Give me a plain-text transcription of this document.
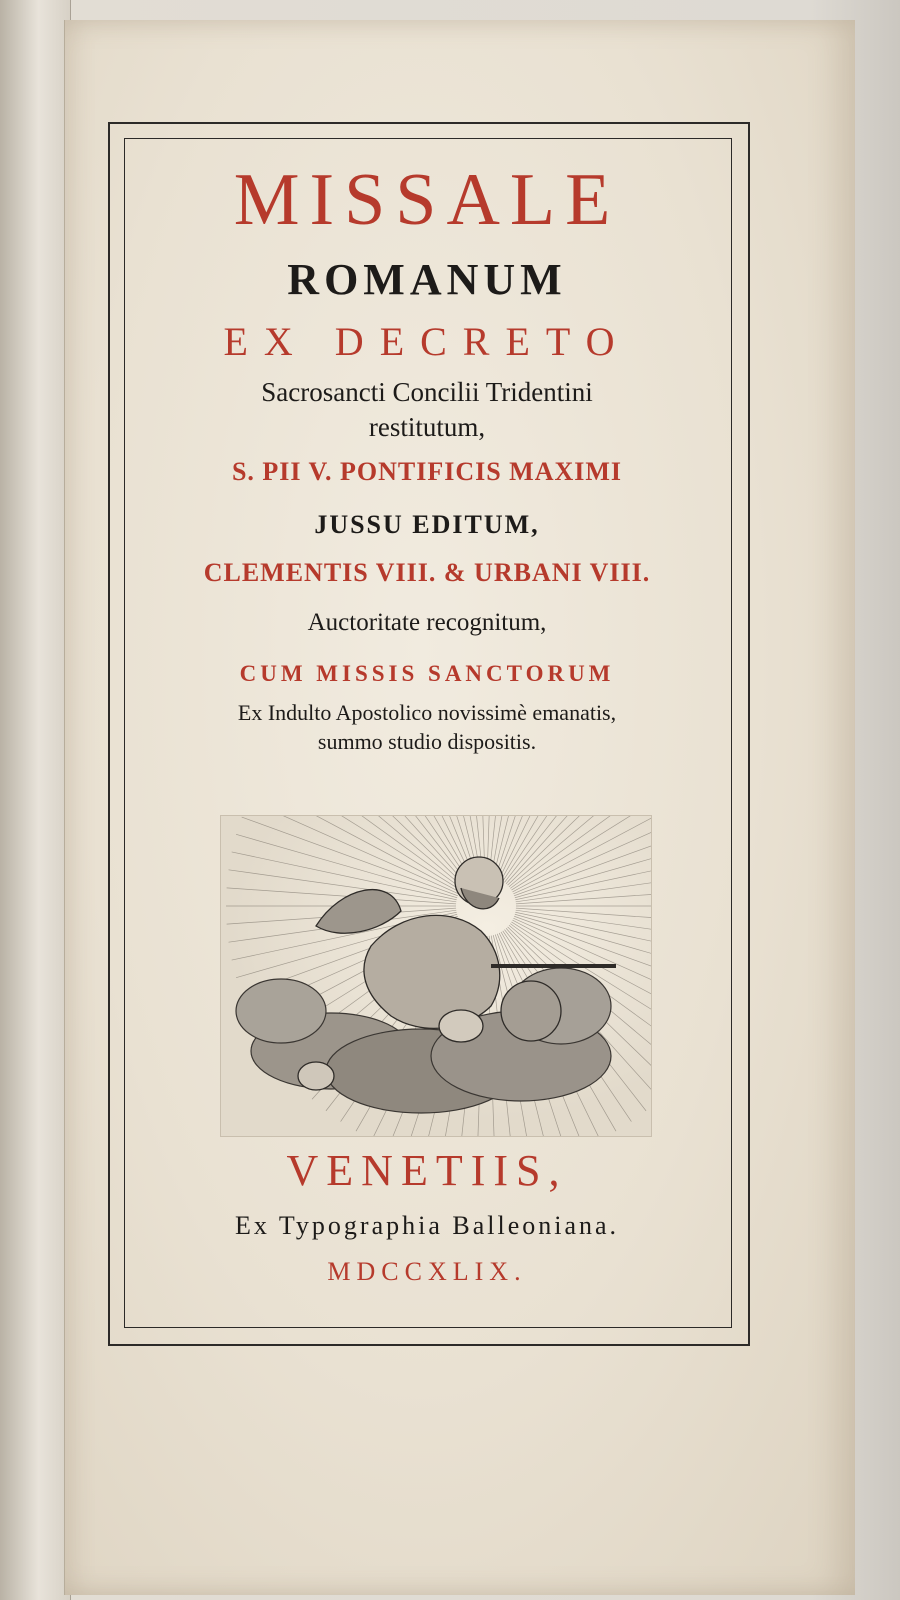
MISSALE
ROMANUM
EX DECRETO
Sacrosancti Concilii Tridentini
restitutum,
S. PII V. PONTIFICIS MAXIMI
JUSSU EDITUM,
CLEMENTIS VIII. & URBANI VIII.
Auctoritate recognitum,
CUM MISSIS SANCTORUM
Ex Indulto Apostolico novissimè emanatis,
summo studio dispositis.
VENETIIS,
Ex Typographia Balleoniana.
MDCCXLIX.
